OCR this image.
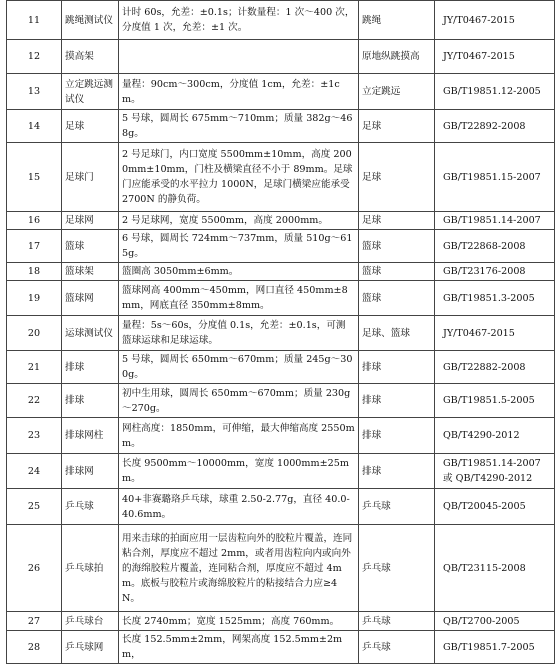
11	跳绳测试仪	计时 60s，允差：±0.1s；计数量程：1 次～400 次，分度值 1 次，允差：±1 次。	跳绳	JY/T0467-2015

12	摸高架		原地纵跳摸高	JY/T0467-2015

13	立定跳远测试仪	量程：90cm～300cm，分度值 1cm，允差：±1cm。	立定跳远	GB/T19851.12-2005

14	足球	5 号球，圆周长 675mm～710mm；质量 382g～468g。	足球	GB/T22892-2008

15	足球门	2 号足球门，内口宽度 5500mm±10mm，高度 2000mm±10mm，门柱及横梁直径不小于 89mm。足球门应能承受的水平拉力 1000N，足球门横梁应能承受 2700N 的静负荷。	足球	GB/T19851.15-2007

16	足球网	2 号足球网，宽度 5500mm，高度 2000mm。	足球	GB/T19851.14-2007

17	篮球	6 号球，圆周长 724mm～737mm，质量 510g～615g。	篮球	GB/T22868-2008

18	篮球架	篮圈高 3050mm±6mm。	篮球	GB/T23176-2008

19	篮球网	篮球网高 400mm～450mm，网口直径 450mm±8mm，网底直径 350mm±8mm。	篮球	GB/T19851.3-2005

20	运球测试仪	量程：5s～60s，分度值 0.1s，允差：±0.1s，可测篮球运球和足球运球。	足球、篮球	JY/T0467-2015

21	排球	5 号球，圆周长 650mm～670mm；质量 245g～300g。	排球	GB/T22882-2008

22	排球	初中生用球，圆周长 650mm～670mm；质量 230g～270g。	排球	GB/T19851.5-2005

23	排球网柱	网柱高度：1850mm，可伸缩，最大伸缩高度 2550mm。	排球	QB/T4290-2012

24	排球网	长度 9500mm～10000mm，宽度 1000mm±25mm。	排球	GB/T19851.14-2007
或 QB/T4290-2012

25	乒乓球	40+非赛璐珞乒乓球，球重 2.50-2.77g，直径 40.0-40.6mm。	乒乓球	QB/T20045-2005

26	乒乓球拍	用来击球的拍面应用一层齿粒向外的胶粒片覆盖，连同粘合剂，厚度应不超过 2mm，或者用齿粒向内或向外的海绵胶粒片覆盖，连同粘合剂，厚度应不超过 4mm。底板与胶粒片或海绵胶粒片的粘接结合力应≥4N。	乒乓球	QB/T23115-2008

27	乒乓球台	长度 2740mm；宽度 1525mm；高度 760mm。	乒乓球	QB/T2700-2005

28	乒乓球网	长度 152.5mm±2mm，网架高度 152.5mm±2mm，	乒乓球	GB/T19851.7-2005
